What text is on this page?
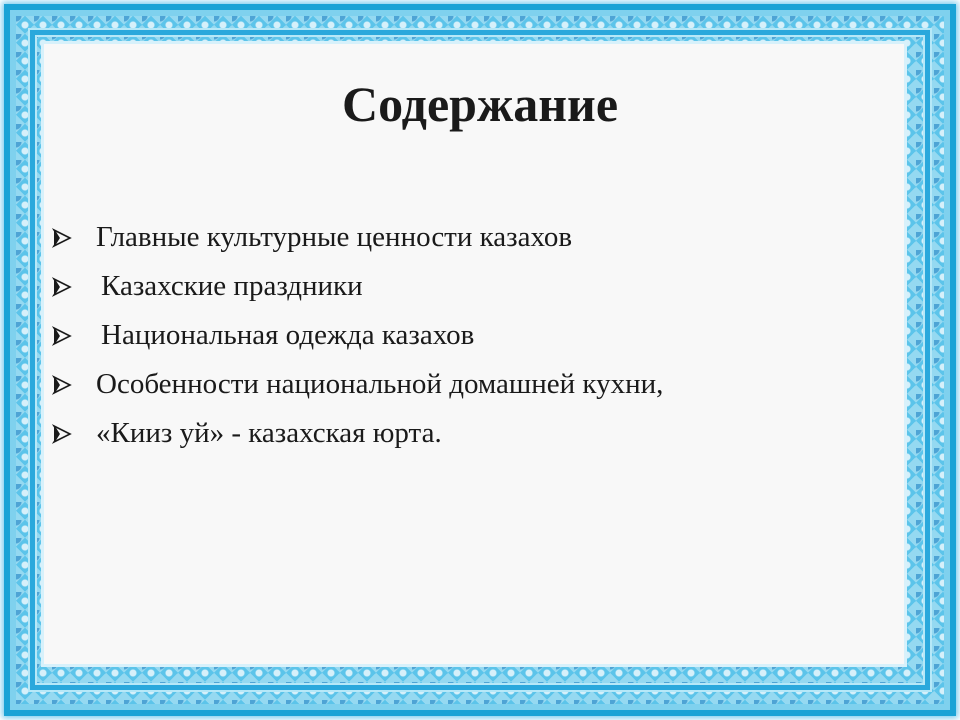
Содержание
Главные культурные ценности казахов
Казахские праздники
Национальная одежда казахов
Особенности национальной домашней кухни,
«Кииз уй» - казахская юрта.
